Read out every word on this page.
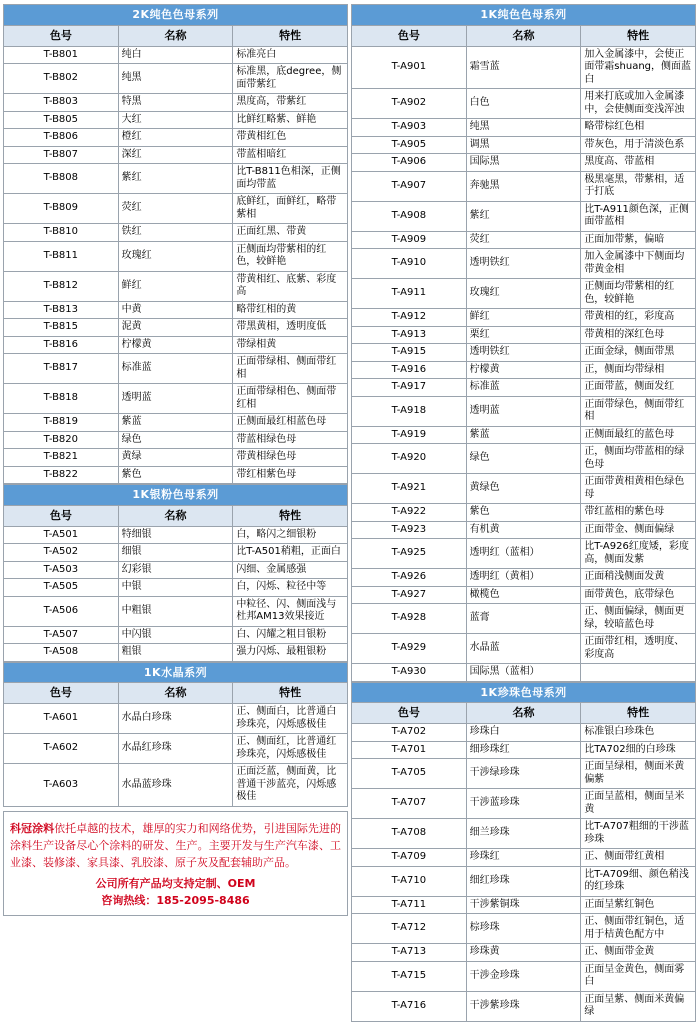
2K纯色色母系列		
色号	名称	特性
T-B801	纯白	标准亮白
T-B802	纯黑	标准黑，底degree，侧面带紫红
T-B803	特黑	黑度高，带紫红
T-B805	大红	比鲜红略紫、鲜艳
T-B806	橙红	带黄相红色
T-B807	深红	带蓝相暗红
T-B808	紫红	比T-B811色相深，正侧面均带蓝
T-B809	荧红	底鲜红，面鲜红，略带紫相
T-B810	铁红	正面红黑、带黄
T-B811	玫瑰红	正侧面均带紫相的红色，较鲜艳
T-B812	鲜红	带黄相红、底紫、彩度高
T-B813	中黄	略带红相的黄
T-B815	泥黄	带黑黄相，透明度低
T-B816	柠檬黄	带绿相黄
T-B817	标准蓝	正面带绿相、侧面带红相
T-B818	透明蓝	正面带绿相色、侧面带红相
T-B819	紫蓝	正侧面最红相蓝色母
T-B820	绿色	带蓝相绿色母
T-B821	黄绿	带黄相绿色母
T-B822	紫色	带红相紫色母
1K银粉色母系列		
色号	名称	特性
T-A501	特细银	白，略闪之细银粉
T-A502	细银	比T-A501稍粗，正面白
T-A503	幻彩银	闪细、金属感强
T-A505	中银	白，闪烁、粒径中等
T-A506	中粗银	中粒径、闪、侧面浅与杜邦AM13效果接近
T-A507	中闪银	白、闪耀之粗目银粉
T-A508	粗银	强力闪烁、最粗银粉
1K水晶系列		
色号	名称	特性
T-A601	水晶白珍珠	正、侧面白，比普通白珍珠亮，闪烁感极佳
T-A602	水晶红珍珠	正、侧面红，比普通红珍珠亮，闪烁感极佳
T-A603	水晶蓝珍珠	正面泛蓝，侧面黄，比普通干涉蓝亮，闪烁感极佳

科冠涂料依托卓越的技术，雄厚的实力和网络优势，引进国际先进的涂料生产设备尽心个涂料的研发、生产。主要开发与生产汽车漆、工业漆、装修漆、家具漆、乳胶漆、原子灰及配套辅助产品。

公司所有产品均支持定制、OEM
咨询热线：185-2095-8486
1K纯色色母系列		
色号	名称	特性
T-A901	霜雪蓝	加入金属漆中，会使正面带霜shuang，侧面蓝白
T-A902	白色	用来打底或加入金属漆中，会使侧面变浅浑浊
T-A903	纯黑	略带棕红色相
T-A905	调黑	带灰色，用于清淡色系
T-A906	国际黑	黑度高、带蓝相
T-A907	奔驰黑	极黑毫黑，带紫相，适于打底
T-A908	紫红	比T-A911颜色深，正侧面带蓝相
T-A909	荧红	正面加带紫，偏暗
T-A910	透明铁红	加入金属漆中下侧面均带黄金相
T-A911	玫瑰红	正侧面均带紫相的红色，较鲜艳
T-A912	鲜红	带黄相的红，彩度高
T-A913	栗红	带黄相的深红色母
T-A915	透明铁红	正面金绿，侧面带黑
T-A916	柠檬黄	正，侧面均带绿相
T-A917	标准蓝	正面带蓝，侧面发红
T-A918	透明蓝	正面带绿色，侧面带红相
T-A919	紫蓝	正侧面最红的蓝色母
T-A920	绿色	正，侧面均带蓝相的绿色母
T-A921	黄绿色	正面带黄相黄相色绿色母
T-A922	紫色	带红蓝相的紫色母
T-A923	有机黄	正面带金、侧面偏绿
T-A925	透明红（蓝相）	比T-A926红度矮，彩度高，侧面发紫
T-A926	透明红（黄相）	正面稍浅侧面发黄
T-A927	橄榄色	面带黄色，底带绿色
T-A928	蓝膏	正、侧面偏绿，侧面更绿，较暗蓝色母
T-A929	水晶蓝	正面带红相，透明度、彩度高
T-A930	国际黑（蓝相）	
1K珍珠色母系列		
色号	名称	特性
T-A702	珍珠白	标准银白珍珠色
T-A701	细珍珠红	比TA702细的白珍珠
T-A705	干涉绿珍珠	正面呈绿相，侧面米黄偏紫
T-A707	干涉蓝珍珠	正面呈蓝相，侧面呈米黄
T-A708	细兰珍珠	比T-A707粗细的干涉蓝珍珠
T-A709	珍珠红	正、侧面带红黄相
T-A710	细红珍珠	比T-A709细、颜色稍浅的红珍珠
T-A711	干涉紫铜珠	正面呈紫红铜色
T-A712	棕珍珠	正、侧面带红铜色，适用于桔黄色配方中
T-A713	珍珠黄	正、侧面带金黄
T-A715	干涉金珍珠	正面呈金黄色，侧面雾白
T-A716	干涉紫珍珠	正面呈紫、侧面米黄偏绿
